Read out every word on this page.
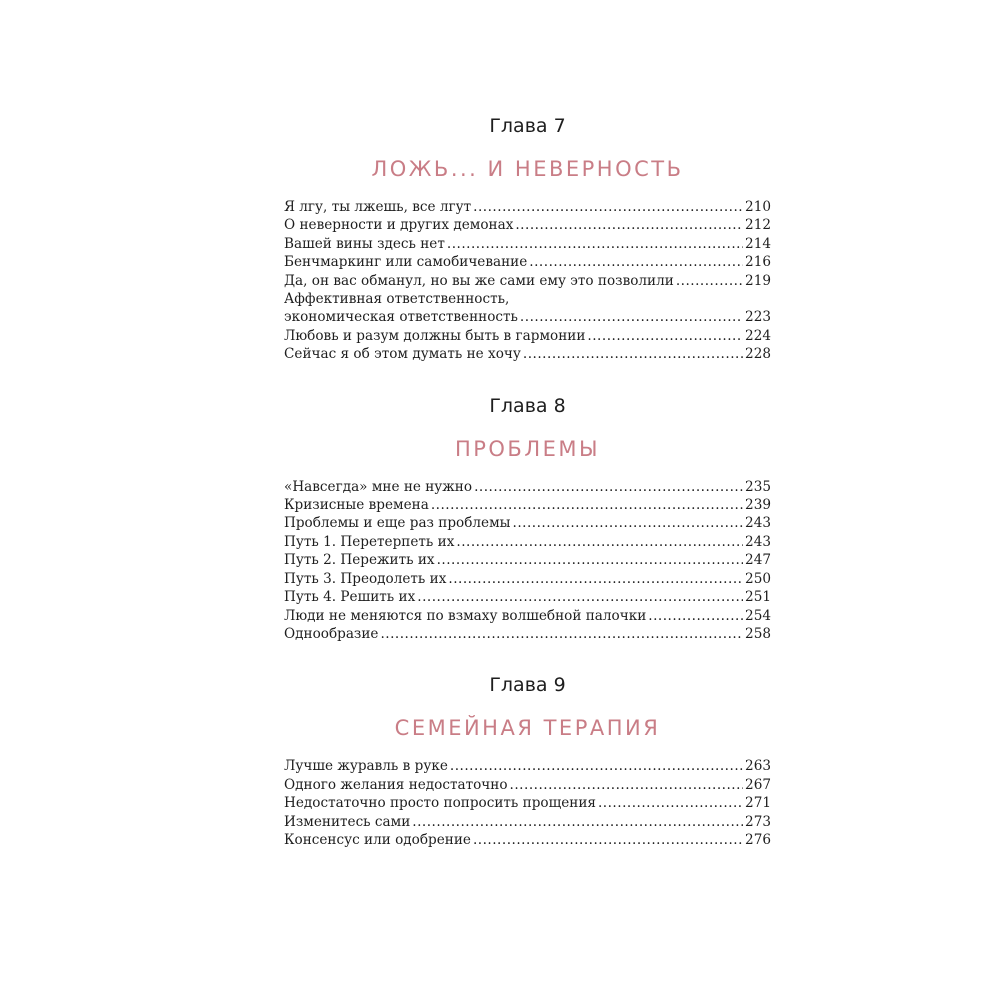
Глава 7
ЛОЖЬ... И НЕВЕРНОСТЬ
Я лгу, ты лжешь, все лгут .....	210
О неверности и других демонах .....	212
Вашей вины здесь нет .....	214
Бенчмаркинг или самобичевание .....	216
Да, он вас обманул, но вы же сами ему это позволили .....	219
Аффективная ответственность,
экономическая ответственность .....	223
Любовь и разум должны быть в гармонии .....	224
Сейчас я об этом думать не хочу .....	228
Глава 8
ПРОБЛЕМЫ
«Навсегда» мне не нужно .....	235
Кризисные времена .....	239
Проблемы и еще раз проблемы .....	243
Путь 1. Перетерпеть их .....	243
Путь 2. Пережить их .....	247
Путь 3. Преодолеть их .....	250
Путь 4. Решить их .....	251
Люди не меняются по взмаху волшебной палочки .....	254
Однообразие .....	258
Глава 9
СЕМЕЙНАЯ ТЕРАПИЯ
Лучше журавль в руке .....	263
Одного желания недостаточно .....	267
Недостаточно просто попросить прощения .....	271
Изменитесь сами .....	273
Консенсус или одобрение .....	276
